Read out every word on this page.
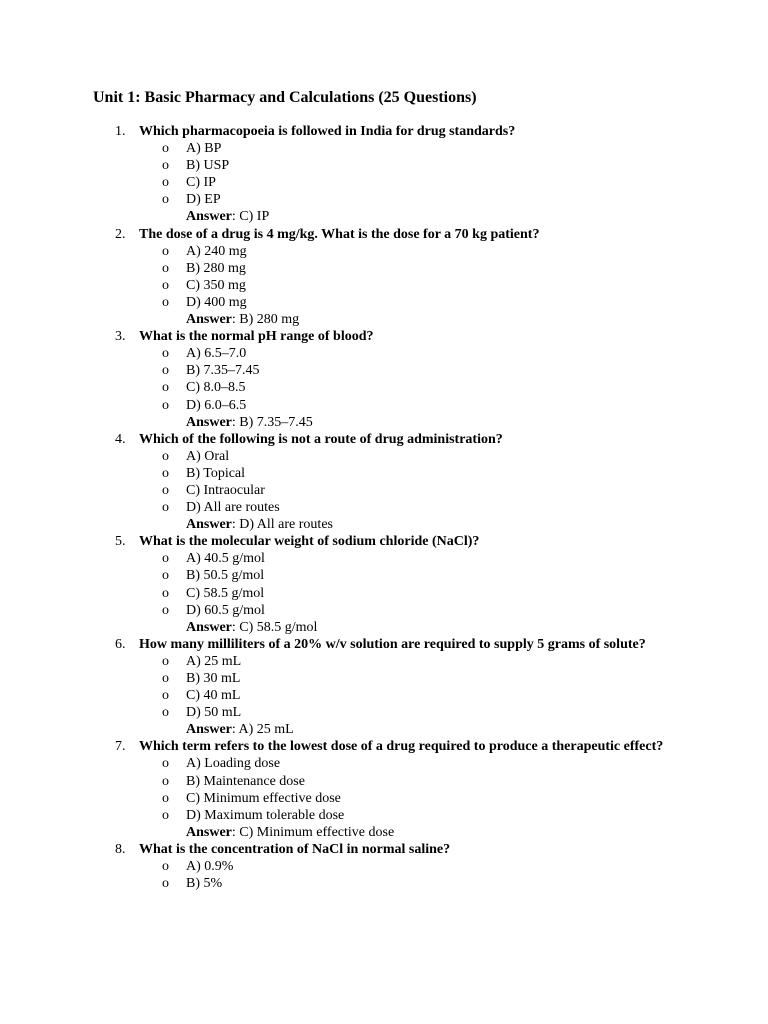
Unit 1: Basic Pharmacy and Calculations (25 Questions)
1. Which pharmacopoeia is followed in India for drug standards?
o A) BP
o B) USP
o C) IP
o D) EP
Answer: C) IP
2. The dose of a drug is 4 mg/kg. What is the dose for a 70 kg patient?
o A) 240 mg
o B) 280 mg
o C) 350 mg
o D) 400 mg
Answer: B) 280 mg
3. What is the normal pH range of blood?
o A) 6.5–7.0
o B) 7.35–7.45
o C) 8.0–8.5
o D) 6.0–6.5
Answer: B) 7.35–7.45
4. Which of the following is not a route of drug administration?
o A) Oral
o B) Topical
o C) Intraocular
o D) All are routes
Answer: D) All are routes
5. What is the molecular weight of sodium chloride (NaCl)?
o A) 40.5 g/mol
o B) 50.5 g/mol
o C) 58.5 g/mol
o D) 60.5 g/mol
Answer: C) 58.5 g/mol
6. How many milliliters of a 20% w/v solution are required to supply 5 grams of solute?
o A) 25 mL
o B) 30 mL
o C) 40 mL
o D) 50 mL
Answer: A) 25 mL
7. Which term refers to the lowest dose of a drug required to produce a therapeutic effect?
o A) Loading dose
o B) Maintenance dose
o C) Minimum effective dose
o D) Maximum tolerable dose
Answer: C) Minimum effective dose
8. What is the concentration of NaCl in normal saline?
o A) 0.9%
o B) 5%
